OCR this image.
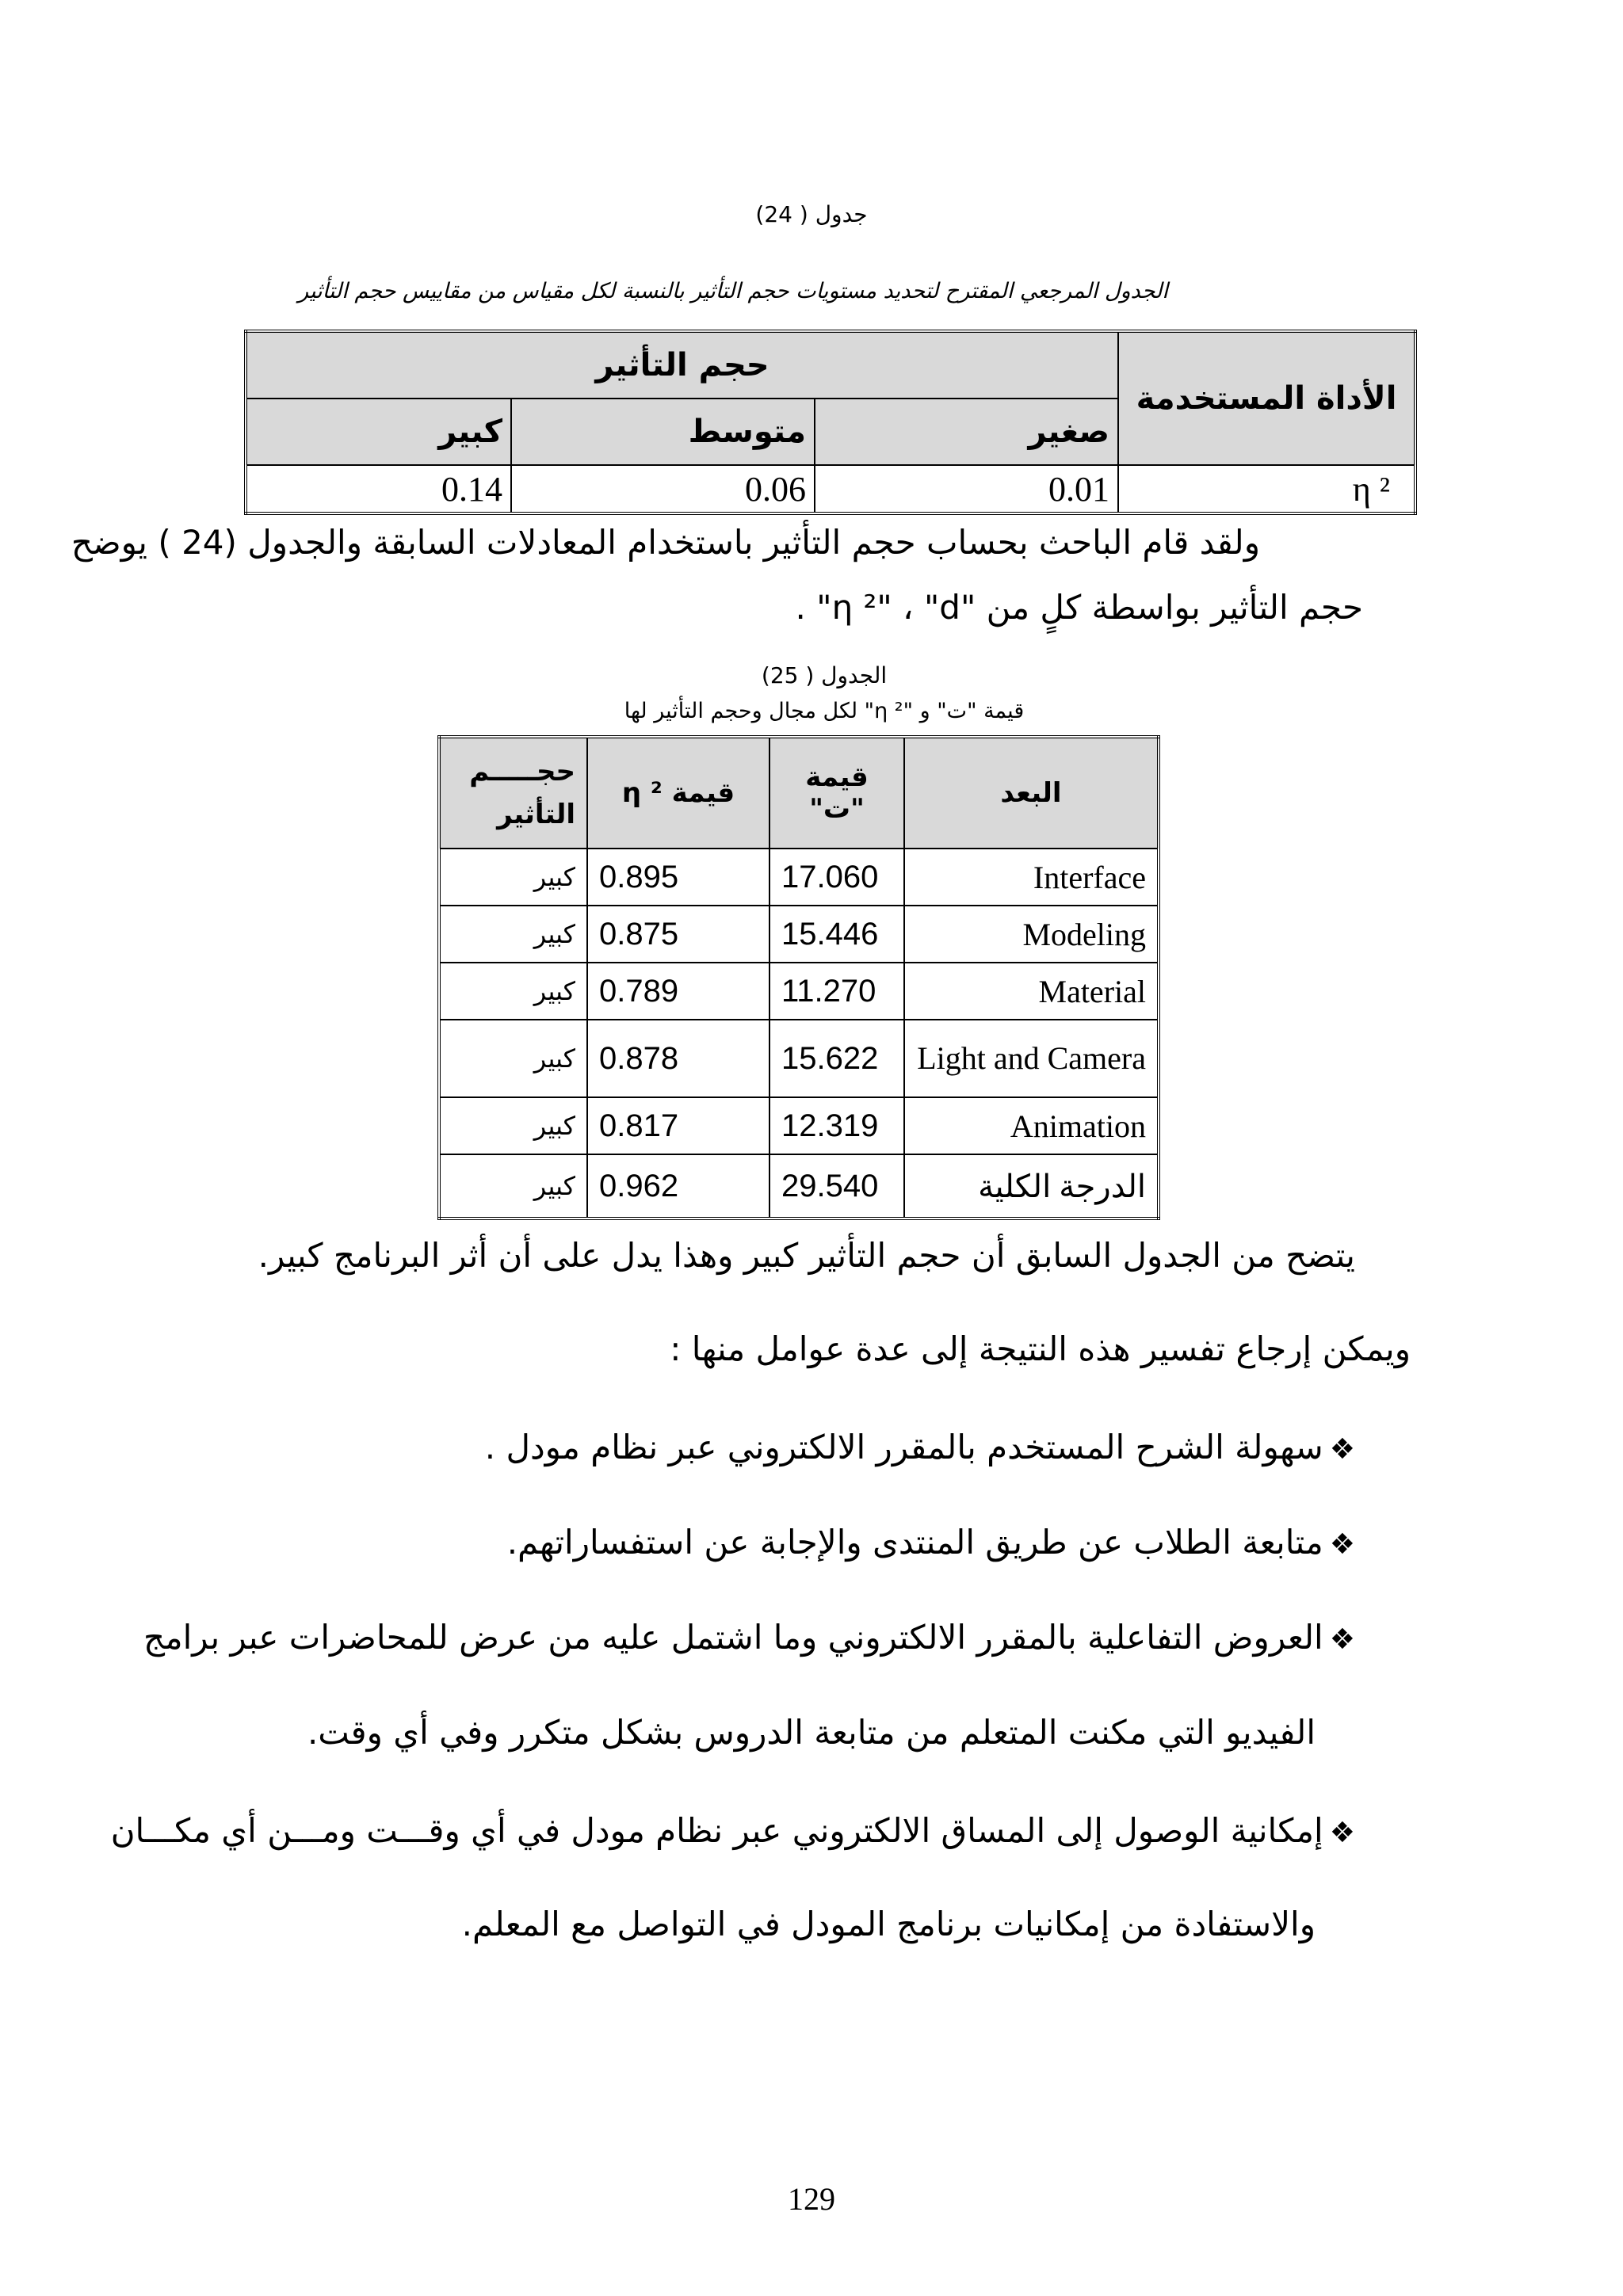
جدول ( 24)
الجدول المرجعي المقترح لتحديد مستويات حجم التأثير بالنسبة لكل مقياس من مقاييس حجم التأثير
الأداة المستخدمة	حجم التأثير		
	صغير	متوسط	كبير
η ²	0.01	0.06	0.14
ولقد قام الباحث بحساب حجم التأثير باستخدام المعادلات السابقة والجدول (24 ) يوضح
حجم التأثير بواسطة كلٍ من "η ²" ، "d" .
الجدول ( 25)
قيمة "ت" و "η ²" لكل مجال وحجم التأثير لها
البعد	قيمة "ت"	قيمة η ²	حجـــــم التأثير
Interface	17.060	0.895	كبير
Modeling	15.446	0.875	كبير
Material	11.270	0.789	كبير
Light and Camera	15.622	0.878	كبير
Animation	12.319	0.817	كبير
الدرجة الكلية	29.540	0.962	كبير
يتضح من الجدول السابق أن حجم التأثير كبير وهذا يدل على أن أثر البرنامج كبير.
ويمكن إرجاع تفسير هذه النتيجة إلى عدة عوامل منها :
❖سهولة الشرح المستخدم بالمقرر الالكتروني عبر نظام مودل .
❖متابعة الطلاب عن طريق المنتدى والإجابة عن استفساراتهم.
❖العروض التفاعلية بالمقرر الالكتروني وما اشتمل عليه من عرض للمحاضرات عبر برامج
الفيديو التي مكنت المتعلم من متابعة الدروس بشكل متكرر وفي أي وقت.
❖إمكانية الوصول إلى المساق الالكتروني عبر نظام مودل في أي وقـــت ومـــن أي مكـــان
والاستفادة من إمكانيات برنامج المودل في التواصل مع المعلم.
129
